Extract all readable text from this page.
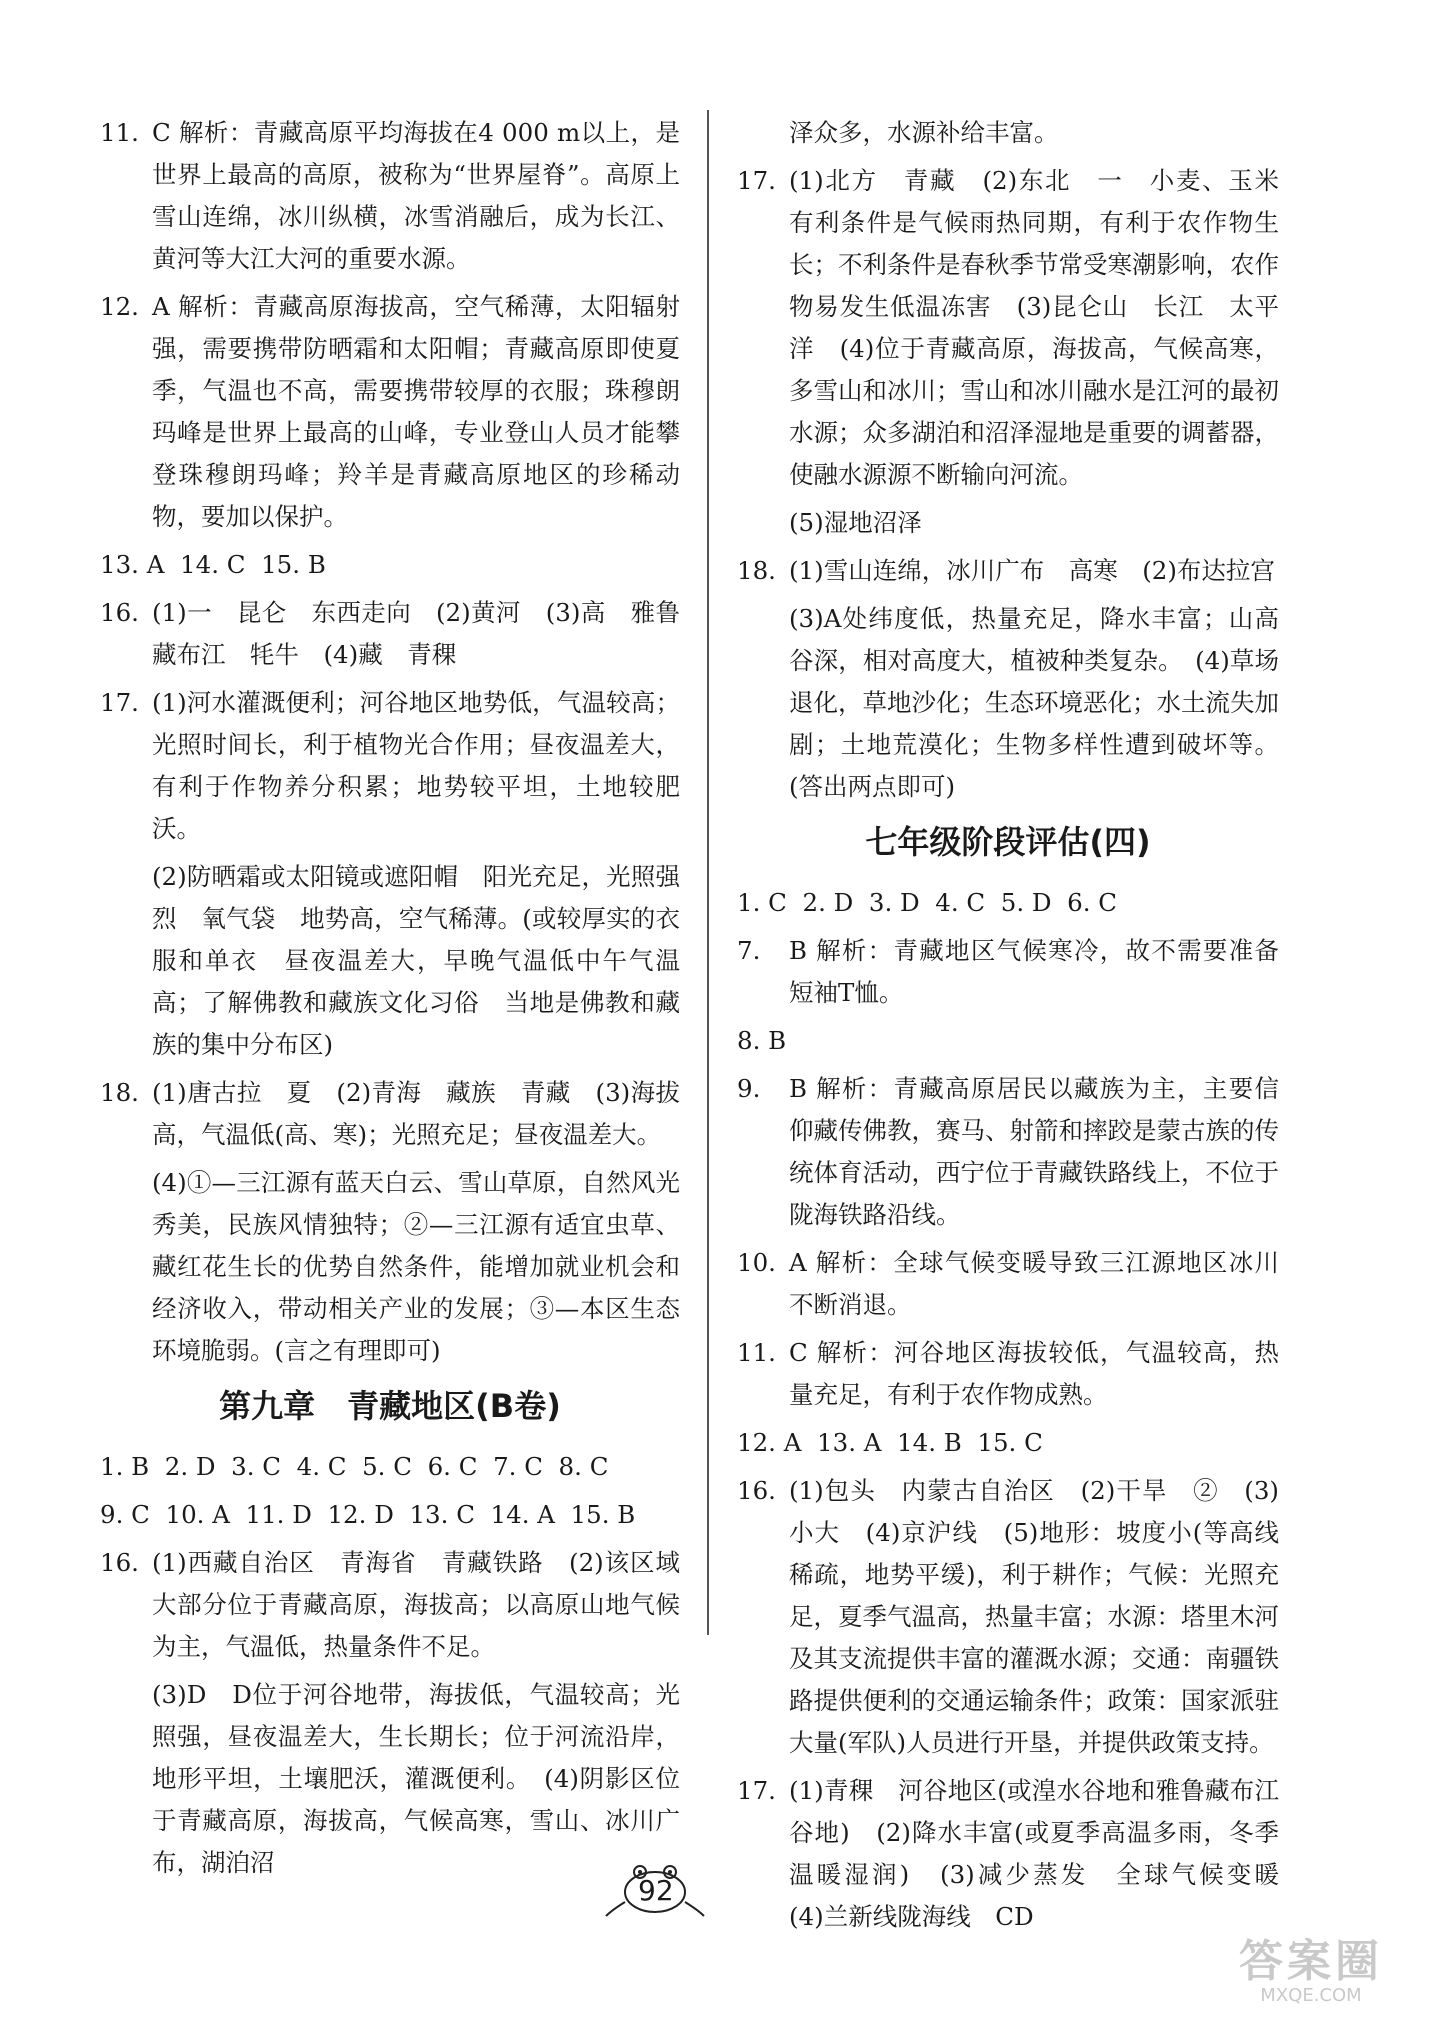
11. C 解析：青藏高原平均海拔在4 000 m以上，是世界上最高的高原，被称为“世界屋脊”。高原上雪山连绵，冰川纵横，冰雪消融后，成为长江、黄河等大江大河的重要水源。
12. A 解析：青藏高原海拔高，空气稀薄，太阳辐射强，需要携带防晒霜和太阳帽；青藏高原即使夏季，气温也不高，需要携带较厚的衣服；珠穆朗玛峰是世界上最高的山峰，专业登山人员才能攀登珠穆朗玛峰；羚羊是青藏高原地区的珍稀动物，要加以保护。
13. A  14. C  15. B
16. (1)一　昆仑　东西走向　(2)黄河　(3)高　雅鲁藏布江　牦牛　(4)藏　青稞
17. (1)河水灌溉便利；河谷地区地势低，气温较高；光照时间长，利于植物光合作用；昼夜温差大，有利于作物养分积累；地势较平坦，土地较肥沃。
(2)防晒霜或太阳镜或遮阳帽　阳光充足，光照强烈　氧气袋　地势高，空气稀薄。(或较厚实的衣服和单衣　昼夜温差大，早晚气温低中午气温高；了解佛教和藏族文化习俗　当地是佛教和藏族的集中分布区)
18. (1)唐古拉　夏　(2)青海　藏族　青藏　(3)海拔高，气温低(高、寒)；光照充足；昼夜温差大。
(4)①—三江源有蓝天白云、雪山草原，自然风光秀美，民族风情独特；②—三江源有适宜虫草、藏红花生长的优势自然条件，能增加就业机会和经济收入，带动相关产业的发展；③—本区生态环境脆弱。(言之有理即可)
第九章　青藏地区(B卷)
1. B  2. D  3. C  4. C  5. C  6. C  7. C  8. C
9. C  10. A  11. D  12. D  13. C  14. A  15. B
16. (1)西藏自治区　青海省　青藏铁路　(2)该区域大部分位于青藏高原，海拔高；以高原山地气候为主，气温低，热量条件不足。
(3)D　D位于河谷地带，海拔低，气温较高；光照强，昼夜温差大，生长期长；位于河流沿岸，地形平坦，土壤肥沃，灌溉便利。　(4)阴影区位于青藏高原，海拔高，气候高寒，雪山、冰川广布，湖泊沼
泽众多，水源补给丰富。
17. (1)北方　青藏　(2)东北　一　小麦、玉米　有利条件是气候雨热同期，有利于农作物生长；不利条件是春秋季节常受寒潮影响，农作物易发生低温冻害　(3)昆仑山　长江　太平洋　(4)位于青藏高原，海拔高，气候高寒，多雪山和冰川；雪山和冰川融水是江河的最初水源；众多湖泊和沼泽湿地是重要的调蓄器，使融水源源不断输向河流。
(5)湿地沼泽
18. (1)雪山连绵，冰川广布　高寒　(2)布达拉宫
(3)A处纬度低，热量充足，降水丰富；山高谷深，相对高度大，植被种类复杂。　(4)草场退化，草地沙化；生态环境恶化；水土流失加剧；土地荒漠化；生物多样性遭到破坏等。(答出两点即可)
七年级阶段评估(四)
1. C  2. D  3. D  4. C  5. D  6. C
7.	B 解析：青藏地区气候寒冷，故不需要准备短袖T恤。
8. B
9.	B 解析：青藏高原居民以藏族为主，主要信仰藏传佛教，赛马、射箭和摔跤是蒙古族的传统体育活动，西宁位于青藏铁路线上，不位于陇海铁路沿线。
10. A 解析：全球气候变暖导致三江源地区冰川不断消退。
11. C 解析：河谷地区海拔较低，气温较高，热量充足，有利于农作物成熟。
12. A  13. A  14. B  15. C
16. (1)包头　内蒙古自治区　(2)干旱　②　(3)小大　(4)京沪线　(5)地形：坡度小(等高线稀疏，地势平缓)，利于耕作；气候：光照充足，夏季气温高，热量丰富；水源：塔里木河及其支流提供丰富的灌溉水源；交通：南疆铁路提供便利的交通运输条件；政策：国家派驻大量(军队)人员进行开垦，并提供政策支持。
17. (1)青稞　河谷地区(或湟水谷地和雅鲁藏布江谷地)　(2)降水丰富(或夏季高温多雨，冬季温暖湿润)　(3)减少蒸发　全球气候变暖　(4)兰新线陇海线　CD
92
答案圈
MXQE.COM
